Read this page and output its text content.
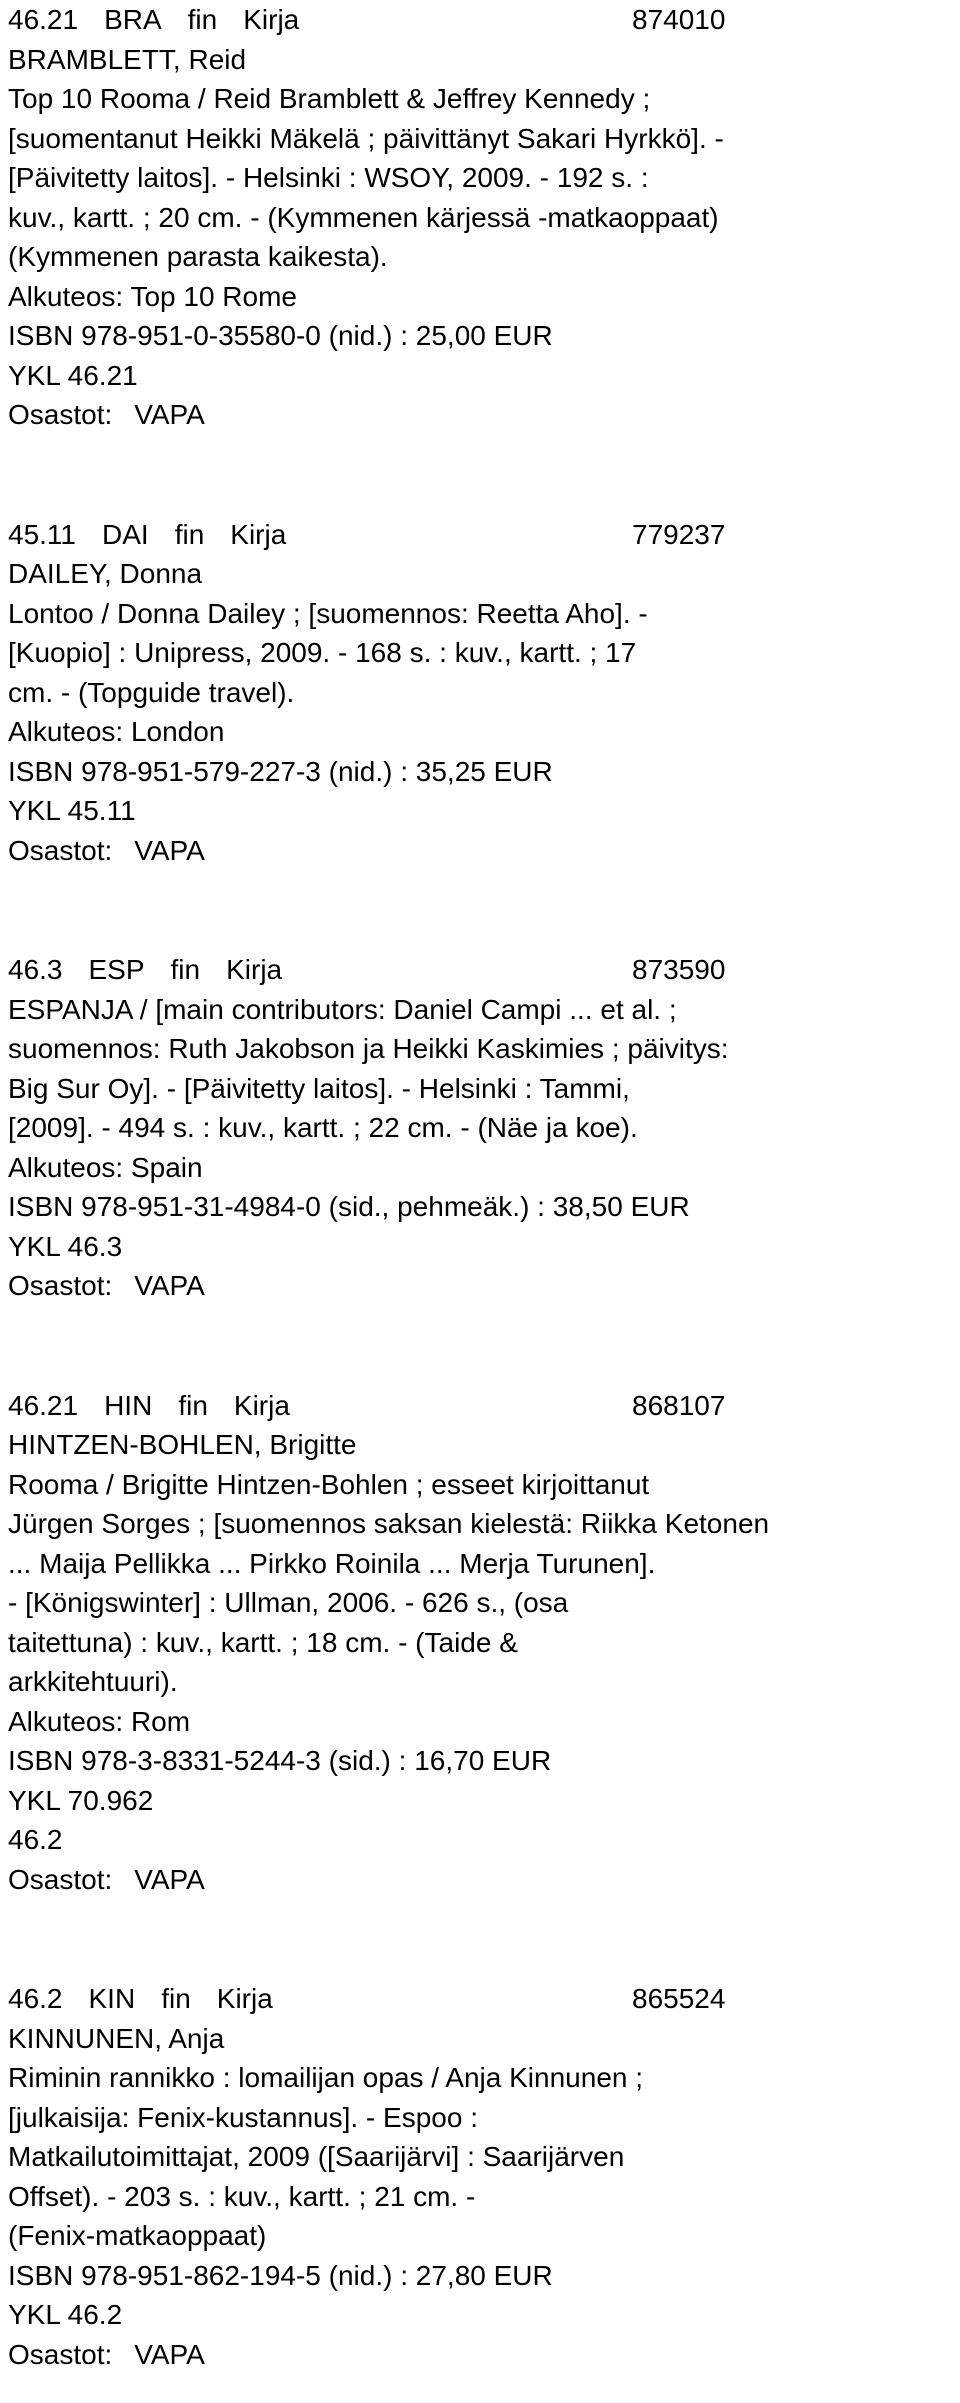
46.21 BRA fin Kirja	874010
BRAMBLETT, Reid
Top 10 Rooma / Reid Bramblett & Jeffrey Kennedy ;
[suomentanut Heikki Mäkelä ; päivittänyt Sakari Hyrkkö]. -
[Päivitetty laitos]. - Helsinki : WSOY, 2009. - 192 s. :
kuv., kartt. ; 20 cm. - (Kymmenen kärjessä -matkaoppaat)
(Kymmenen parasta kaikesta).
Alkuteos: Top 10 Rome
ISBN 978-951-0-35580-0 (nid.) : 25,00 EUR
YKL 46.21
Osastot: VAPA
45.11 DAI fin Kirja	779237
DAILEY, Donna
Lontoo / Donna Dailey ; [suomennos: Reetta Aho]. -
[Kuopio] : Unipress, 2009. - 168 s. : kuv., kartt. ; 17
cm. - (Topguide travel).
Alkuteos: London
ISBN 978-951-579-227-3 (nid.) : 35,25 EUR
YKL 45.11
Osastot: VAPA
46.3 ESP fin Kirja	873590
ESPANJA / [main contributors: Daniel Campi ... et al. ;
suomennos: Ruth Jakobson ja Heikki Kaskimies ; päivitys:
Big Sur Oy]. - [Päivitetty laitos]. - Helsinki : Tammi,
[2009]. - 494 s. : kuv., kartt. ; 22 cm. - (Näe ja koe).
Alkuteos: Spain
ISBN 978-951-31-4984-0 (sid., pehmeäk.) : 38,50 EUR
YKL 46.3
Osastot: VAPA
46.21 HIN fin Kirja	868107
HINTZEN-BOHLEN, Brigitte
Rooma / Brigitte Hintzen-Bohlen ; esseet kirjoittanut
Jürgen Sorges ; [suomennos saksan kielestä: Riikka Ketonen
... Maija Pellikka ... Pirkko Roinila ... Merja Turunen].
- [Königswinter] : Ullman, 2006. - 626 s., (osa
taitettuna) : kuv., kartt. ; 18 cm. - (Taide &
arkkitehtuuri).
Alkuteos: Rom
ISBN 978-3-8331-5244-3 (sid.) : 16,70 EUR
YKL 70.962
46.2
Osastot: VAPA
46.2 KIN fin Kirja	865524
KINNUNEN, Anja
Riminin rannikko : lomailijan opas / Anja Kinnunen ;
[julkaisija: Fenix-kustannus]. - Espoo :
Matkailutoimittajat, 2009 ([Saarijärvi] : Saarijärven
Offset). - 203 s. : kuv., kartt. ; 21 cm. -
(Fenix-matkaoppaat)
ISBN 978-951-862-194-5 (nid.) : 27,80 EUR
YKL 46.2
Osastot: VAPA
